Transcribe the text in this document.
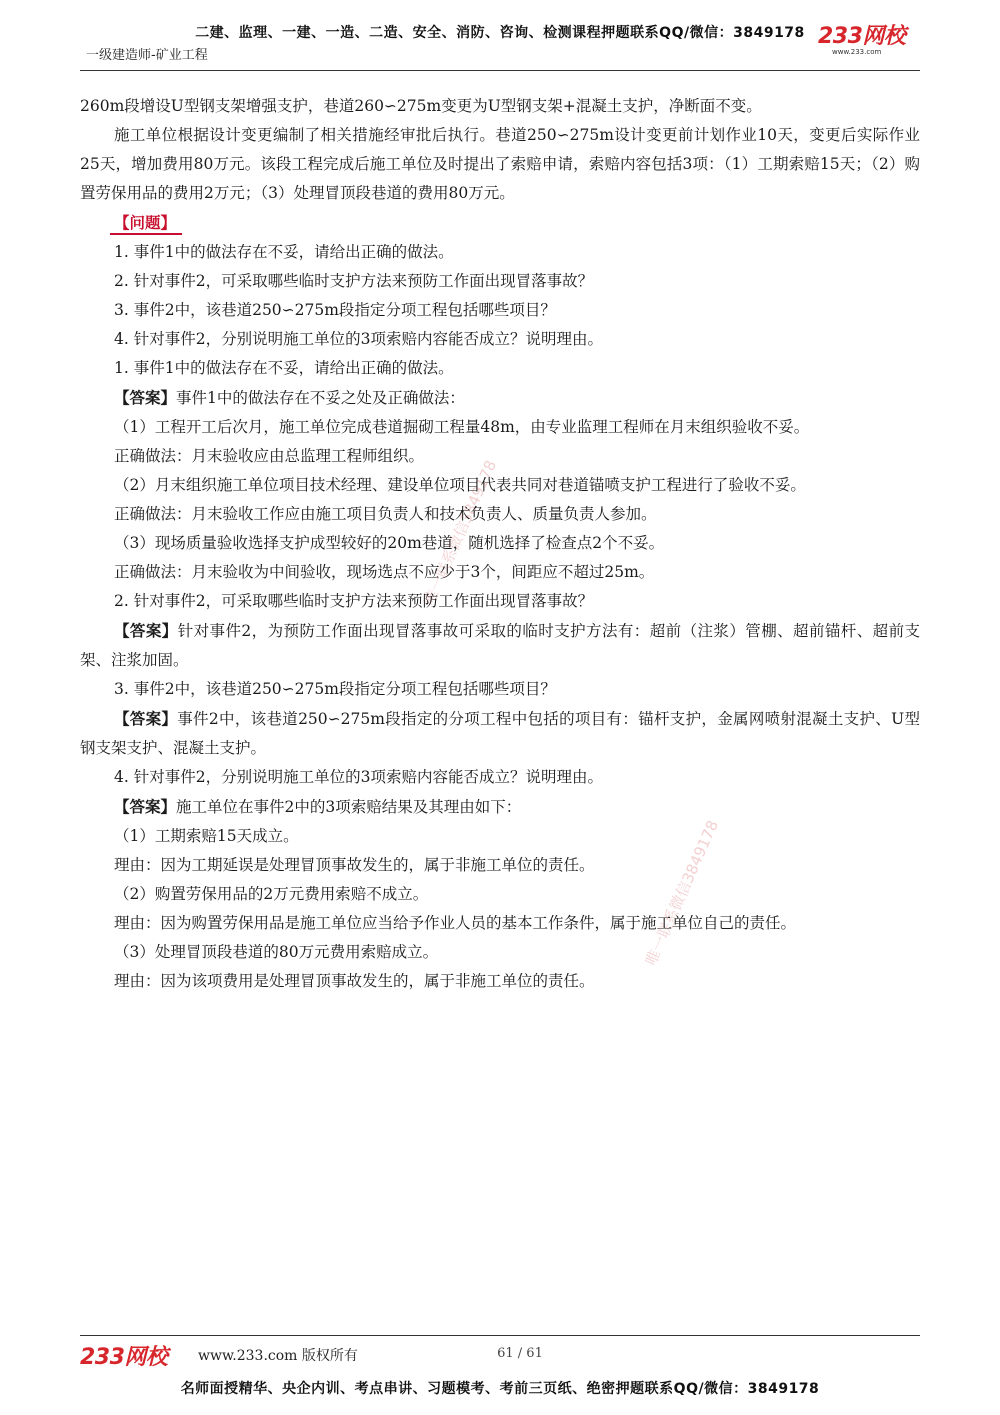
二建、监理、一建、一造、二造、安全、消防、咨询、检测课程押题联系QQ/微信：3849178
一级建造师-矿业工程
233网校
www.233.com
唯一联系微信3849178
唯一联系微信3849178

260m段增设U型钢支架增强支护，巷道260∽275m变更为U型钢支架+混凝土支护，净断面不变。

施工单位根据设计变更编制了相关措施经审批后执行。巷道250∽275m设计变更前计划作业10天，变更后实际作业25天，增加费用80万元。该段工程完成后施工单位及时提出了索赔申请，索赔内容包括3项：（1）工期索赔15天；（2）购置劳保用品的费用2万元；（3）处理冒顶段巷道的费用80万元。

【问题】

1. 事件1中的做法存在不妥，请给出正确的做法。

2. 针对事件2，可采取哪些临时支护方法来预防工作面出现冒落事故？

3. 事件2中，该巷道250∽275m段指定分项工程包括哪些项目？

4. 针对事件2，分别说明施工单位的3项索赔内容能否成立？说明理由。

1. 事件1中的做法存在不妥，请给出正确的做法。

【答案】事件1中的做法存在不妥之处及正确做法：

（1）工程开工后次月，施工单位完成巷道掘砌工程量48m，由专业监理工程师在月末组织验收不妥。

正确做法：月末验收应由总监理工程师组织。

（2）月末组织施工单位项目技术经理、建设单位项目代表共同对巷道锚喷支护工程进行了验收不妥。

正确做法：月末验收工作应由施工项目负责人和技术负责人、质量负责人参加。

（3）现场质量验收选择支护成型较好的20m巷道，随机选择了检查点2个不妥。

正确做法：月末验收为中间验收，现场选点不应少于3个，间距应不超过25m。

2. 针对事件2，可采取哪些临时支护方法来预防工作面出现冒落事故？

【答案】针对事件2，为预防工作面出现冒落事故可采取的临时支护方法有：超前（注浆）管棚、超前锚杆、超前支架、注浆加固。

3. 事件2中，该巷道250∽275m段指定分项工程包括哪些项目？

【答案】事件2中，该巷道250∽275m段指定的分项工程中包括的项目有：锚杆支护，金属网喷射混凝土支护、U型钢支架支护、混凝土支护。

4. 针对事件2，分别说明施工单位的3项索赔内容能否成立？说明理由。

【答案】施工单位在事件2中的3项索赔结果及其理由如下：

（1）工期索赔15天成立。

理由：因为工期延误是处理冒顶事故发生的，属于非施工单位的责任。

（2）购置劳保用品的2万元费用索赔不成立。

理由：因为购置劳保用品是施工单位应当给予作业人员的基本工作条件，属于施工单位自己的责任。

（3）处理冒顶段巷道的80万元费用索赔成立。

理由：因为该项费用是处理冒顶事故发生的，属于非施工单位的责任。

233网校 www.233.com 版权所有	61 / 61
名师面授精华、央企内训、考点串讲、习题模考、考前三页纸、绝密押题联系QQ/微信：3849178
